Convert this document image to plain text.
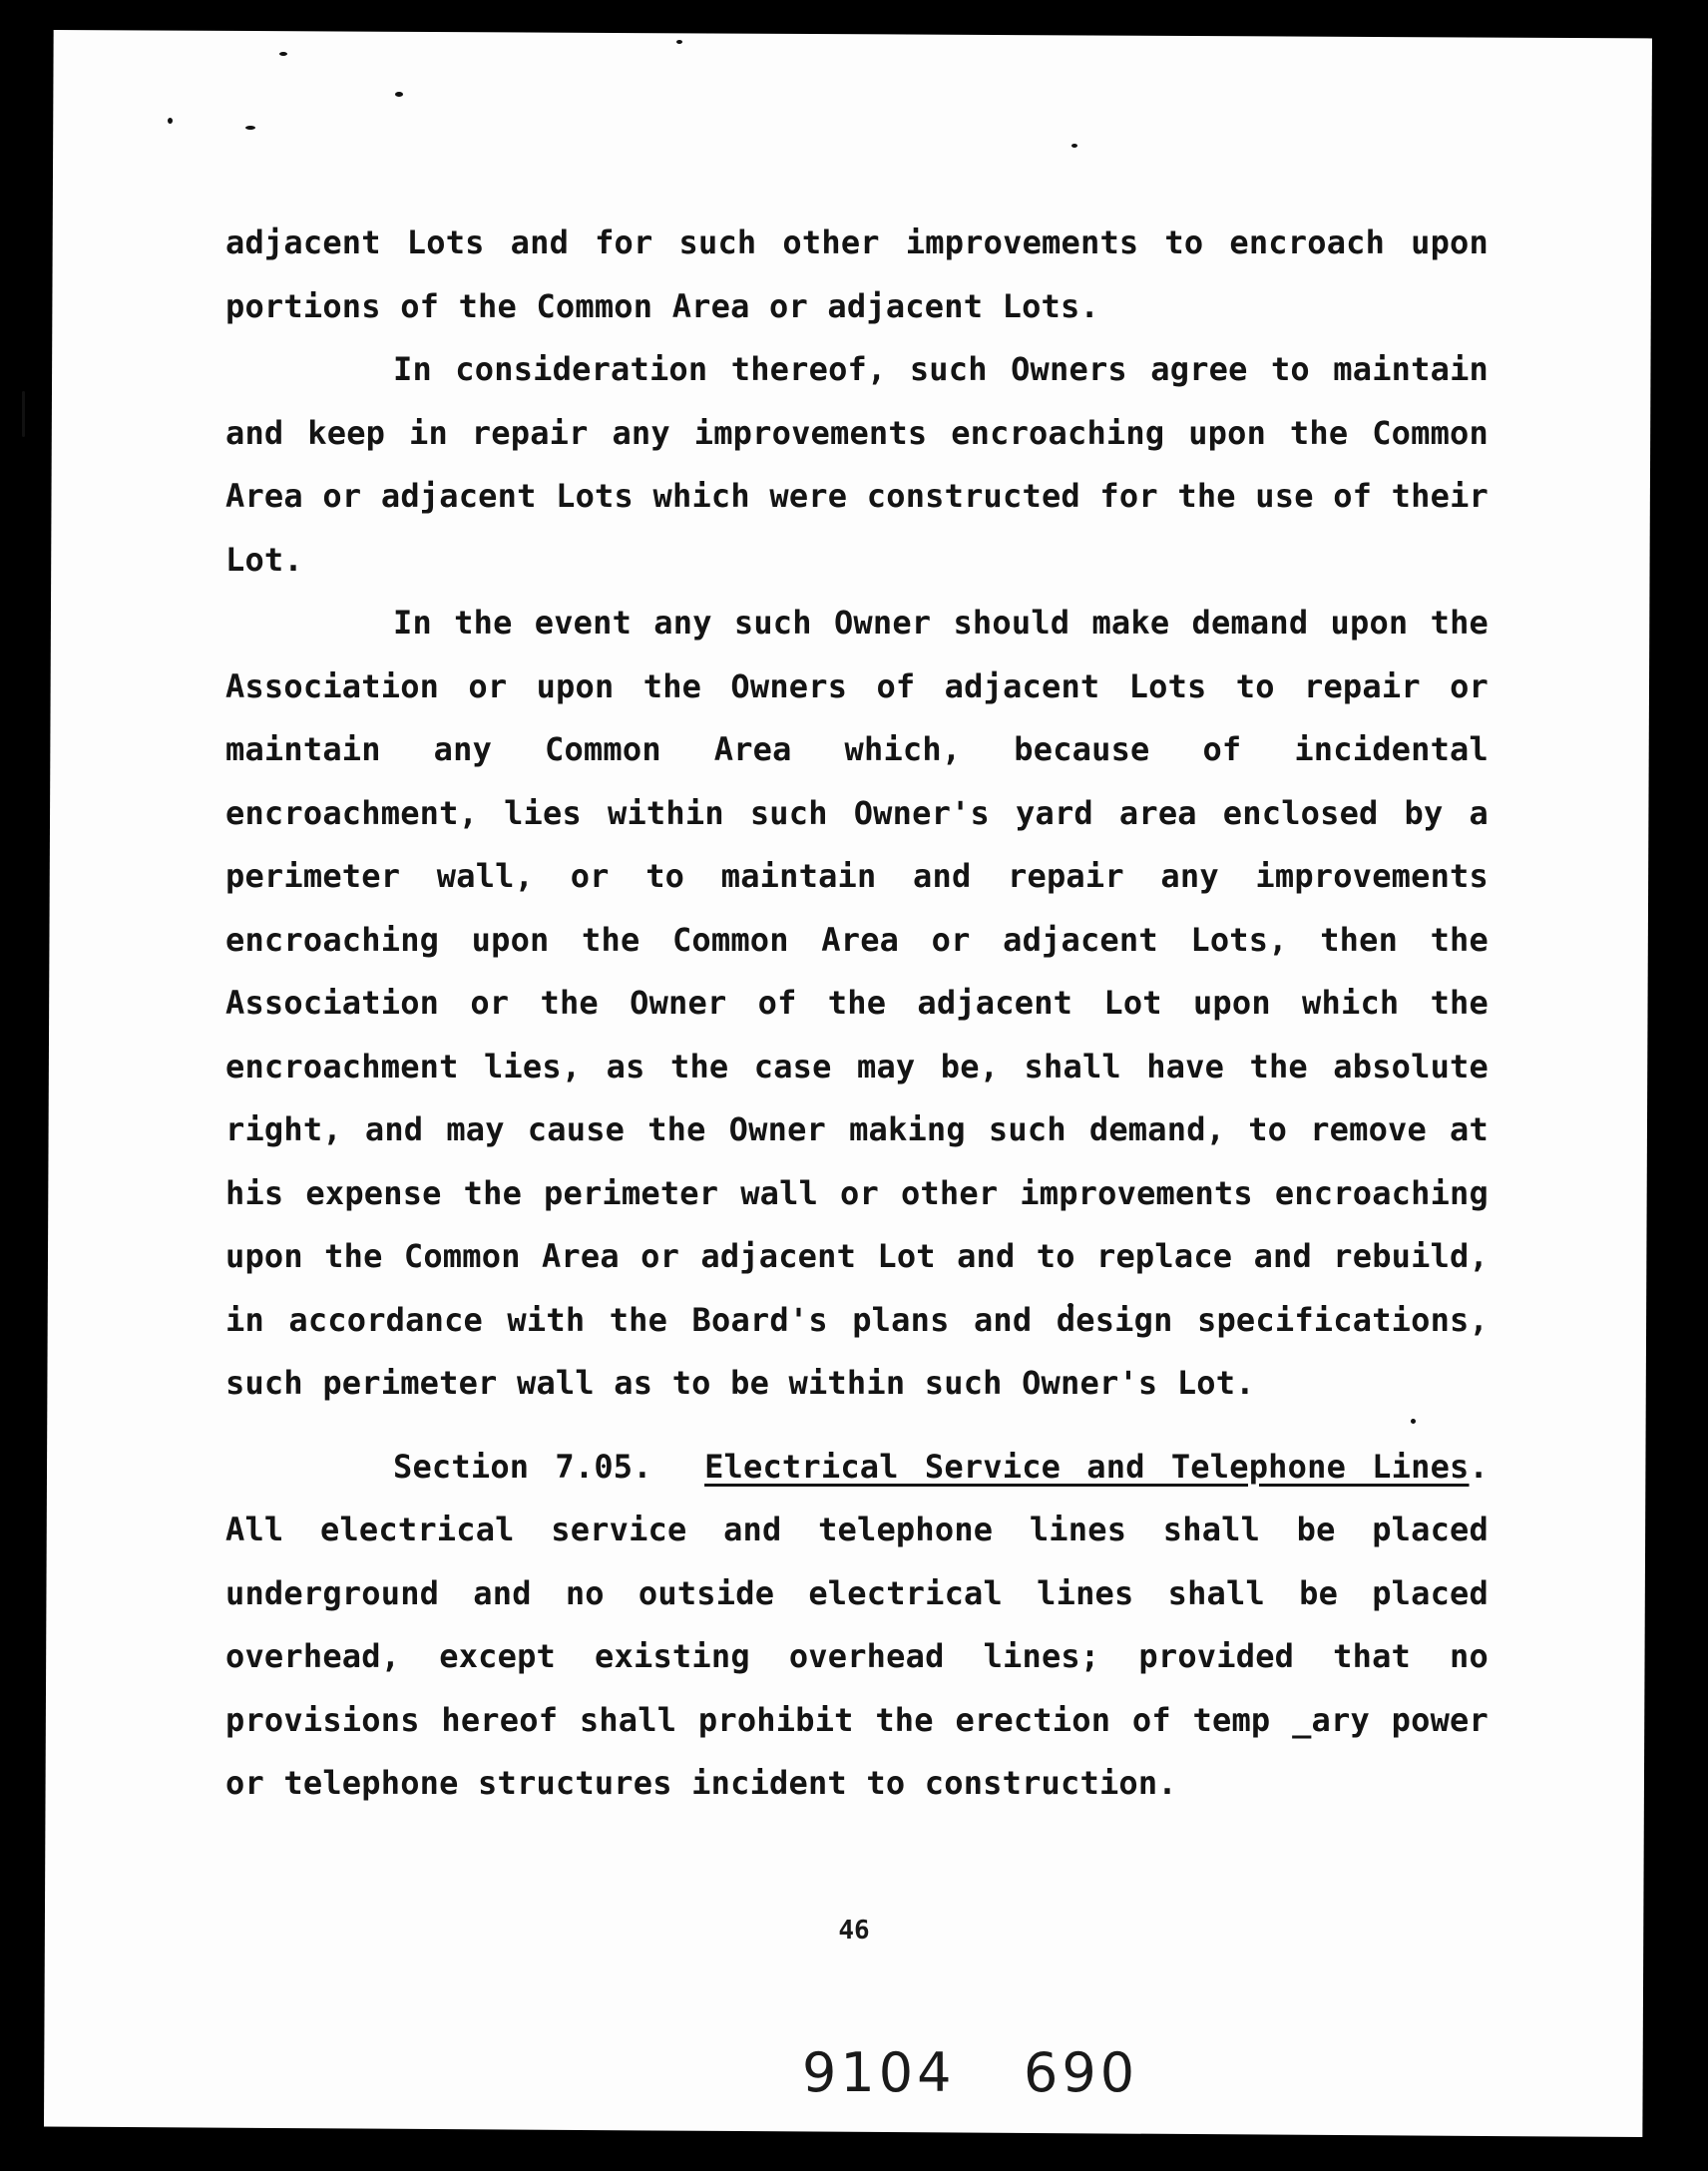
adjacent Lots and for such other improvements to encroach upon portions of the Common Area or adjacent Lots.

In consideration thereof, such Owners agree to maintain and keep in repair any improvements encroaching upon the Common Area or adjacent Lots which were constructed for the use of their Lot.

In the event any such Owner should make demand upon the Association or upon the Owners of adjacent Lots to repair or maintain any Common Area which, because of incidental encroachment, lies within such Owner's yard area enclosed by a perimeter wall, or to maintain and repair any improvements encroaching upon the Common Area or adjacent Lots, then the Association or the Owner of the adjacent Lot upon which the encroachment lies, as the case may be, shall have the absolute right, and may cause the Owner making such demand, to remove at his expense the perimeter wall or other improvements encroaching upon the Common Area or adjacent Lot and to replace and rebuild, in accordance with the Board's plans and design specifications, such perimeter wall as to be within such Owner's Lot.

Section 7.05. Electrical Service and Telephone Lines. All electrical service and telephone lines shall be placed underground and no outside electrical lines shall be placed overhead, except existing overhead lines; provided that no provisions hereof shall prohibit the erection of temp _ary power or telephone structures incident to construction.

46
9104 690
